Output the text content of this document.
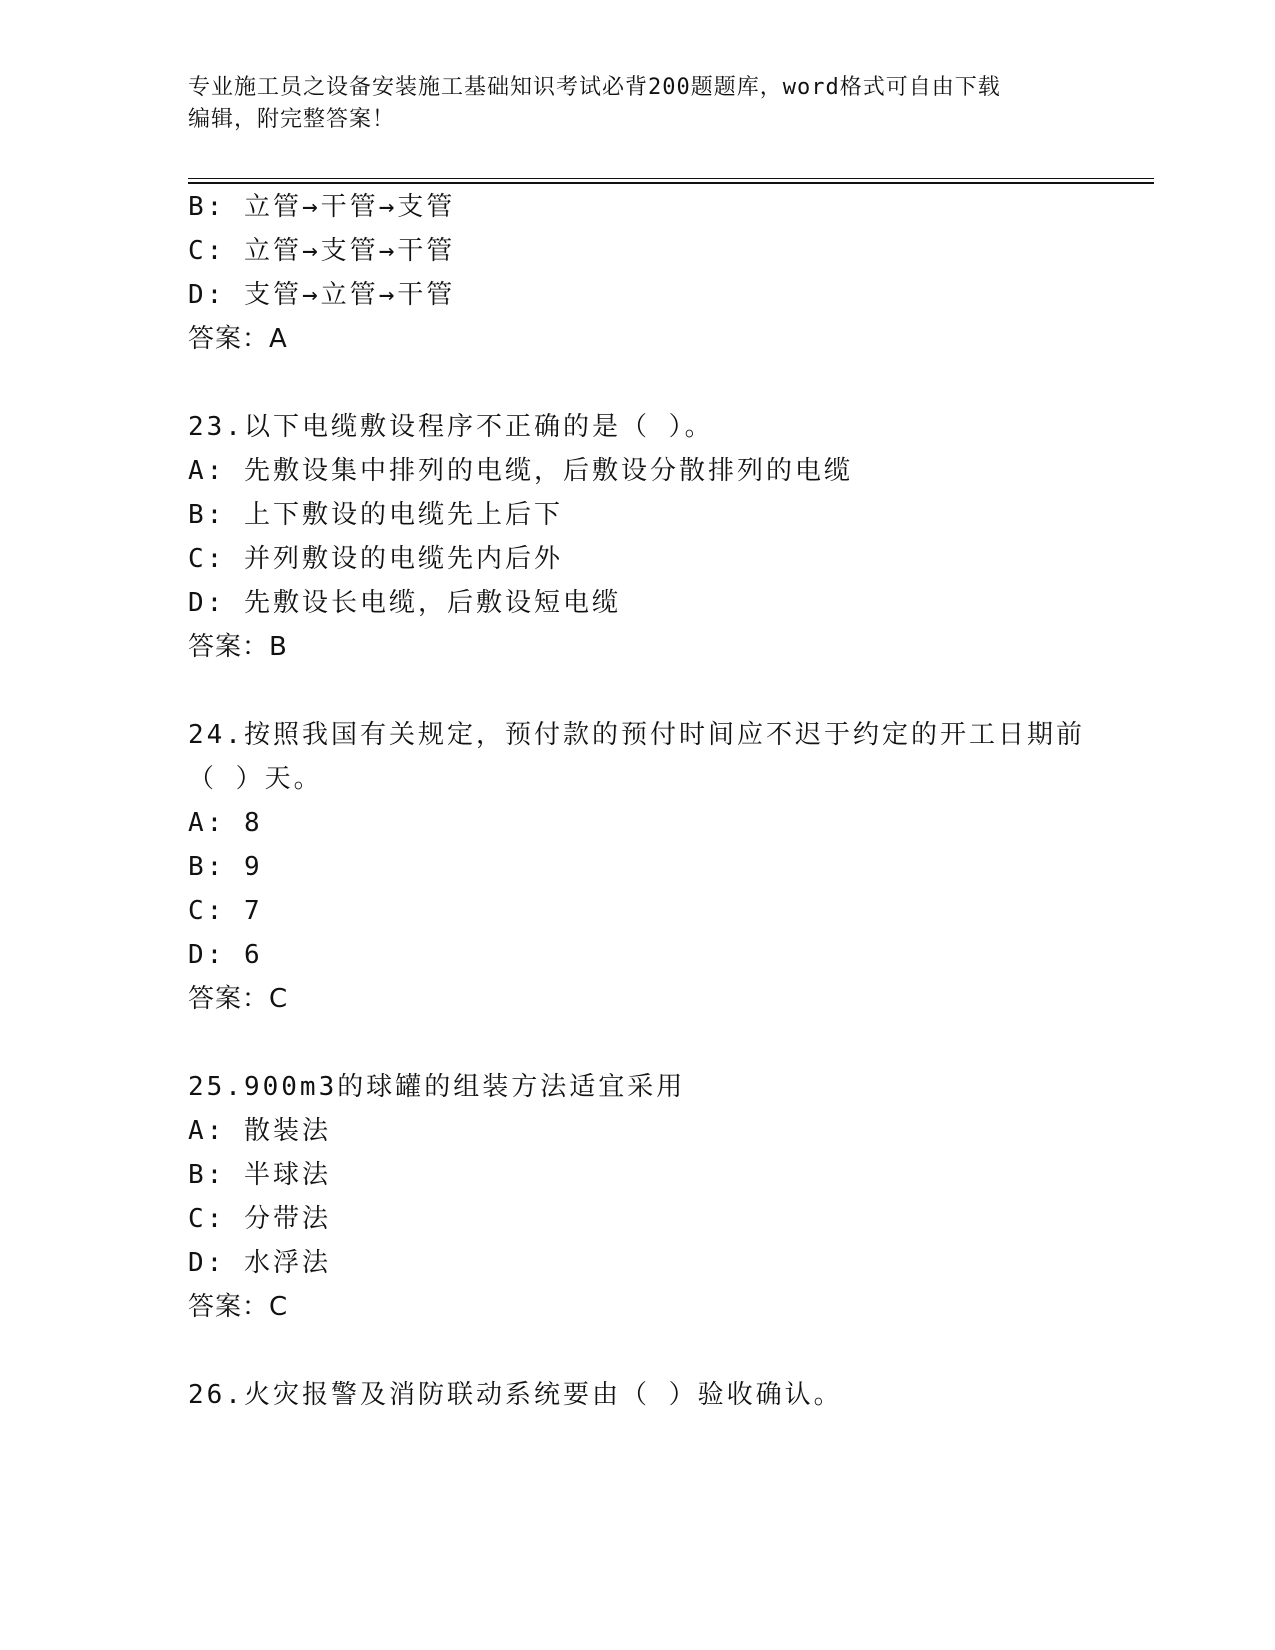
专业施工员之设备安装施工基础知识考试必背200题题库，word格式可自由下载
编辑，附完整答案！
B: 立管→干管→支管
C: 立管→支管→干管
D: 支管→立管→干管
答案：A
23.以下电缆敷设程序不正确的是（ ）。
A: 先敷设集中排列的电缆，后敷设分散排列的电缆
B: 上下敷设的电缆先上后下
C: 并列敷设的电缆先内后外
D: 先敷设长电缆，后敷设短电缆
答案：B
24.按照我国有关规定，预付款的预付时间应不迟于约定的开工日期前
（ ）天。
A: 8
B: 9
C: 7
D: 6
答案：C
25.900m3的球罐的组装方法适宜采用
A: 散装法
B: 半球法
C: 分带法
D: 水浮法
答案：C
26.火灾报警及消防联动系统要由（ ）验收确认。
